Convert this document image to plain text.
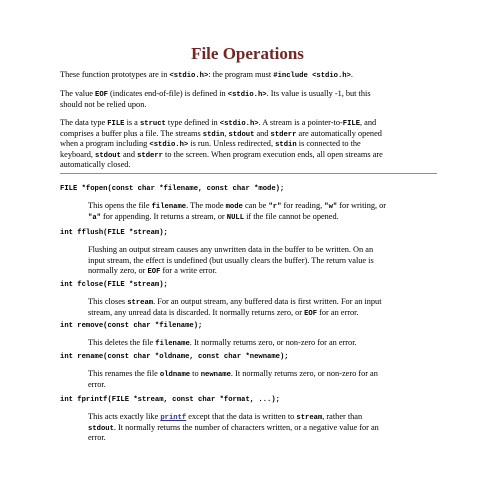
File Operations
These function prototypes are in <stdio.h>: the program must #include <stdio.h>.
The value EOF (indicates end-of-file) is defined in <stdio.h>. Its value is usually -1, but this
should not be relied upon.
The data type FILE is a struct type defined in <stdio.h>. A stream is a pointer-to-FILE, and
comprises a buffer plus a file. The streams stdin, stdout and stderr are automatically opened
when a program including <stdio.h> is run. Unless redirected, stdin is connected to the
keyboard, stdout and stderr to the screen. When program execution ends, all open streams are
automatically closed.
FILE *fopen(const char *filename, const char *mode);
This opens the file filename. The mode mode can be "r" for reading, "w" for writing, or
"a" for appending. It returns a stream, or NULL if the file cannot be opened.
int fflush(FILE *stream);
Flushing an output stream causes any unwritten data in the buffer to be written. On an
input stream, the effect is undefined (but usually clears the buffer). The return value is
normally zero, or EOF for a write error.
int fclose(FILE *stream);
This closes stream. For an output stream, any buffered data is first written. For an input
stream, any unread data is discarded. It normally returns zero, or EOF for an error.
int remove(const char *filename);
This deletes the file filename. It normally returns zero, or non-zero for an error.
int rename(const char *oldname, const char *newname);
This renames the file oldname to newname. It normally returns zero, or non-zero for an
error.
int fprintf(FILE *stream, const char *format, ...);
This acts exactly like printf except that the data is written to stream, rather than
stdout. It normally returns the number of characters written, or a negative value for an
error.
